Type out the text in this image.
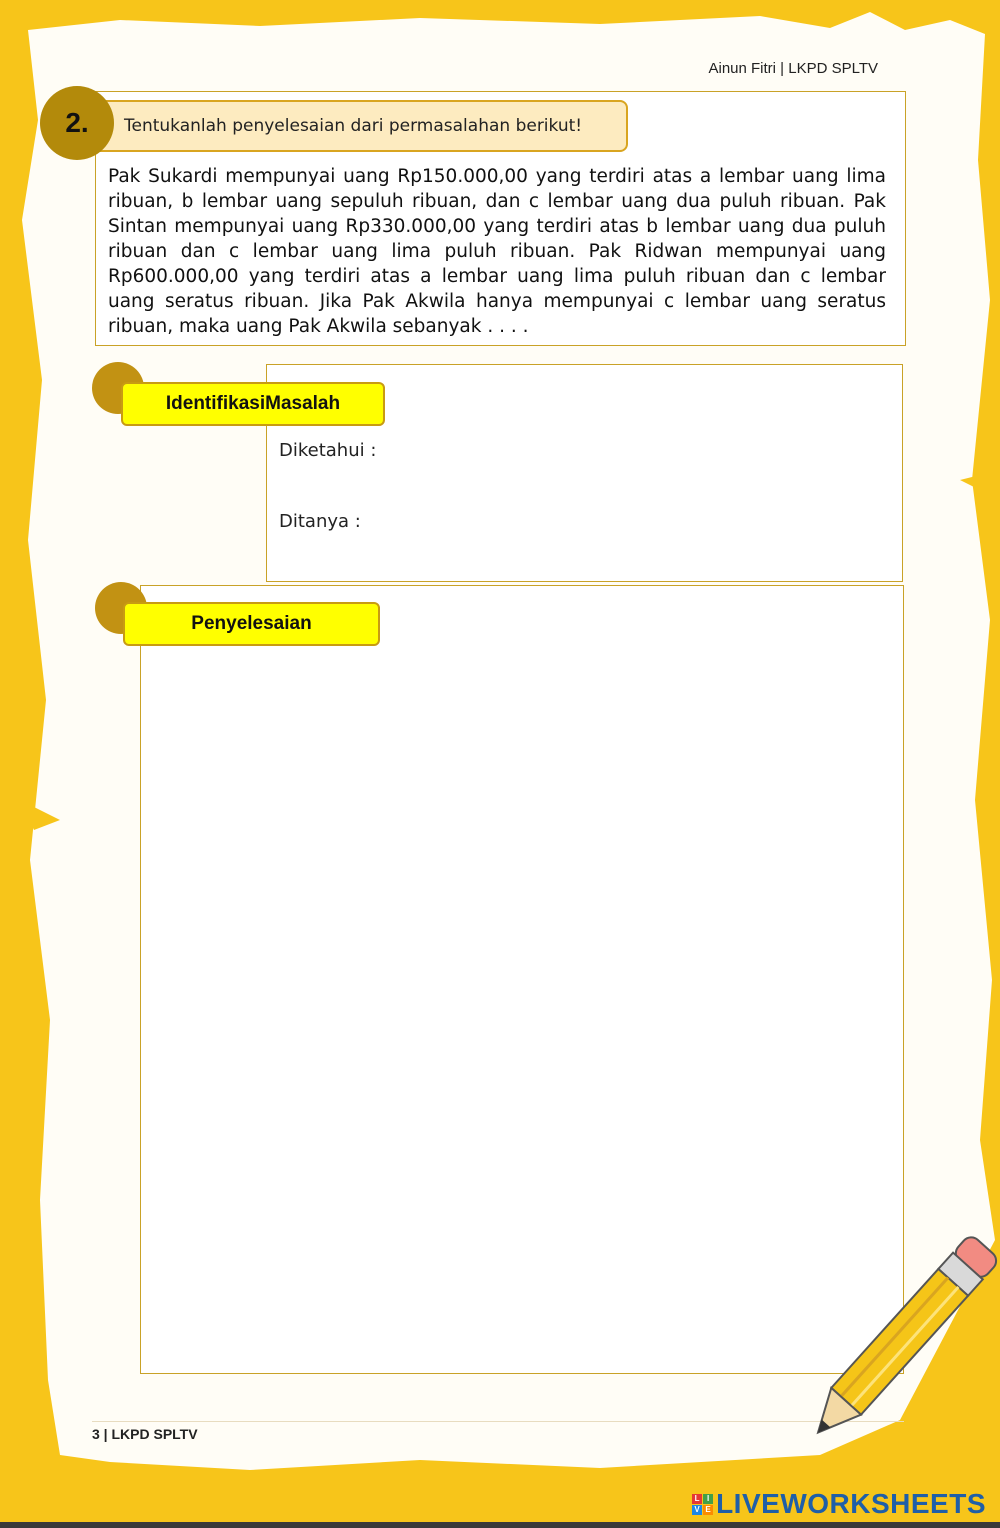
Ainun Fitri | LKPD SPLTV
2.	Tentukanlah penyelesaian dari permasalahan berikut!

Pak Sukardi mempunyai uang Rp150.000,00 yang terdiri atas a lembar uang lima ribuan, b lembar uang sepuluh ribuan, dan c lembar uang dua puluh ribuan. Pak Sintan mempunyai uang Rp330.000,00 yang terdiri atas b lembar uang dua puluh ribuan dan c lembar uang lima puluh ribuan. Pak Ridwan mempunyai uang Rp600.000,00 yang terdiri atas a lembar uang lima puluh ribuan dan c lembar uang seratus ribuan. Jika Pak Akwila hanya mempunyai c lembar uang seratus ribuan, maka uang Pak Akwila sebanyak . . . .

IdentifikasiMasalah
Diketahui :
Ditanya :
Penyelesaian
3 | LKPD SPLTV
L I
V E LIVEWORKSHEETS
